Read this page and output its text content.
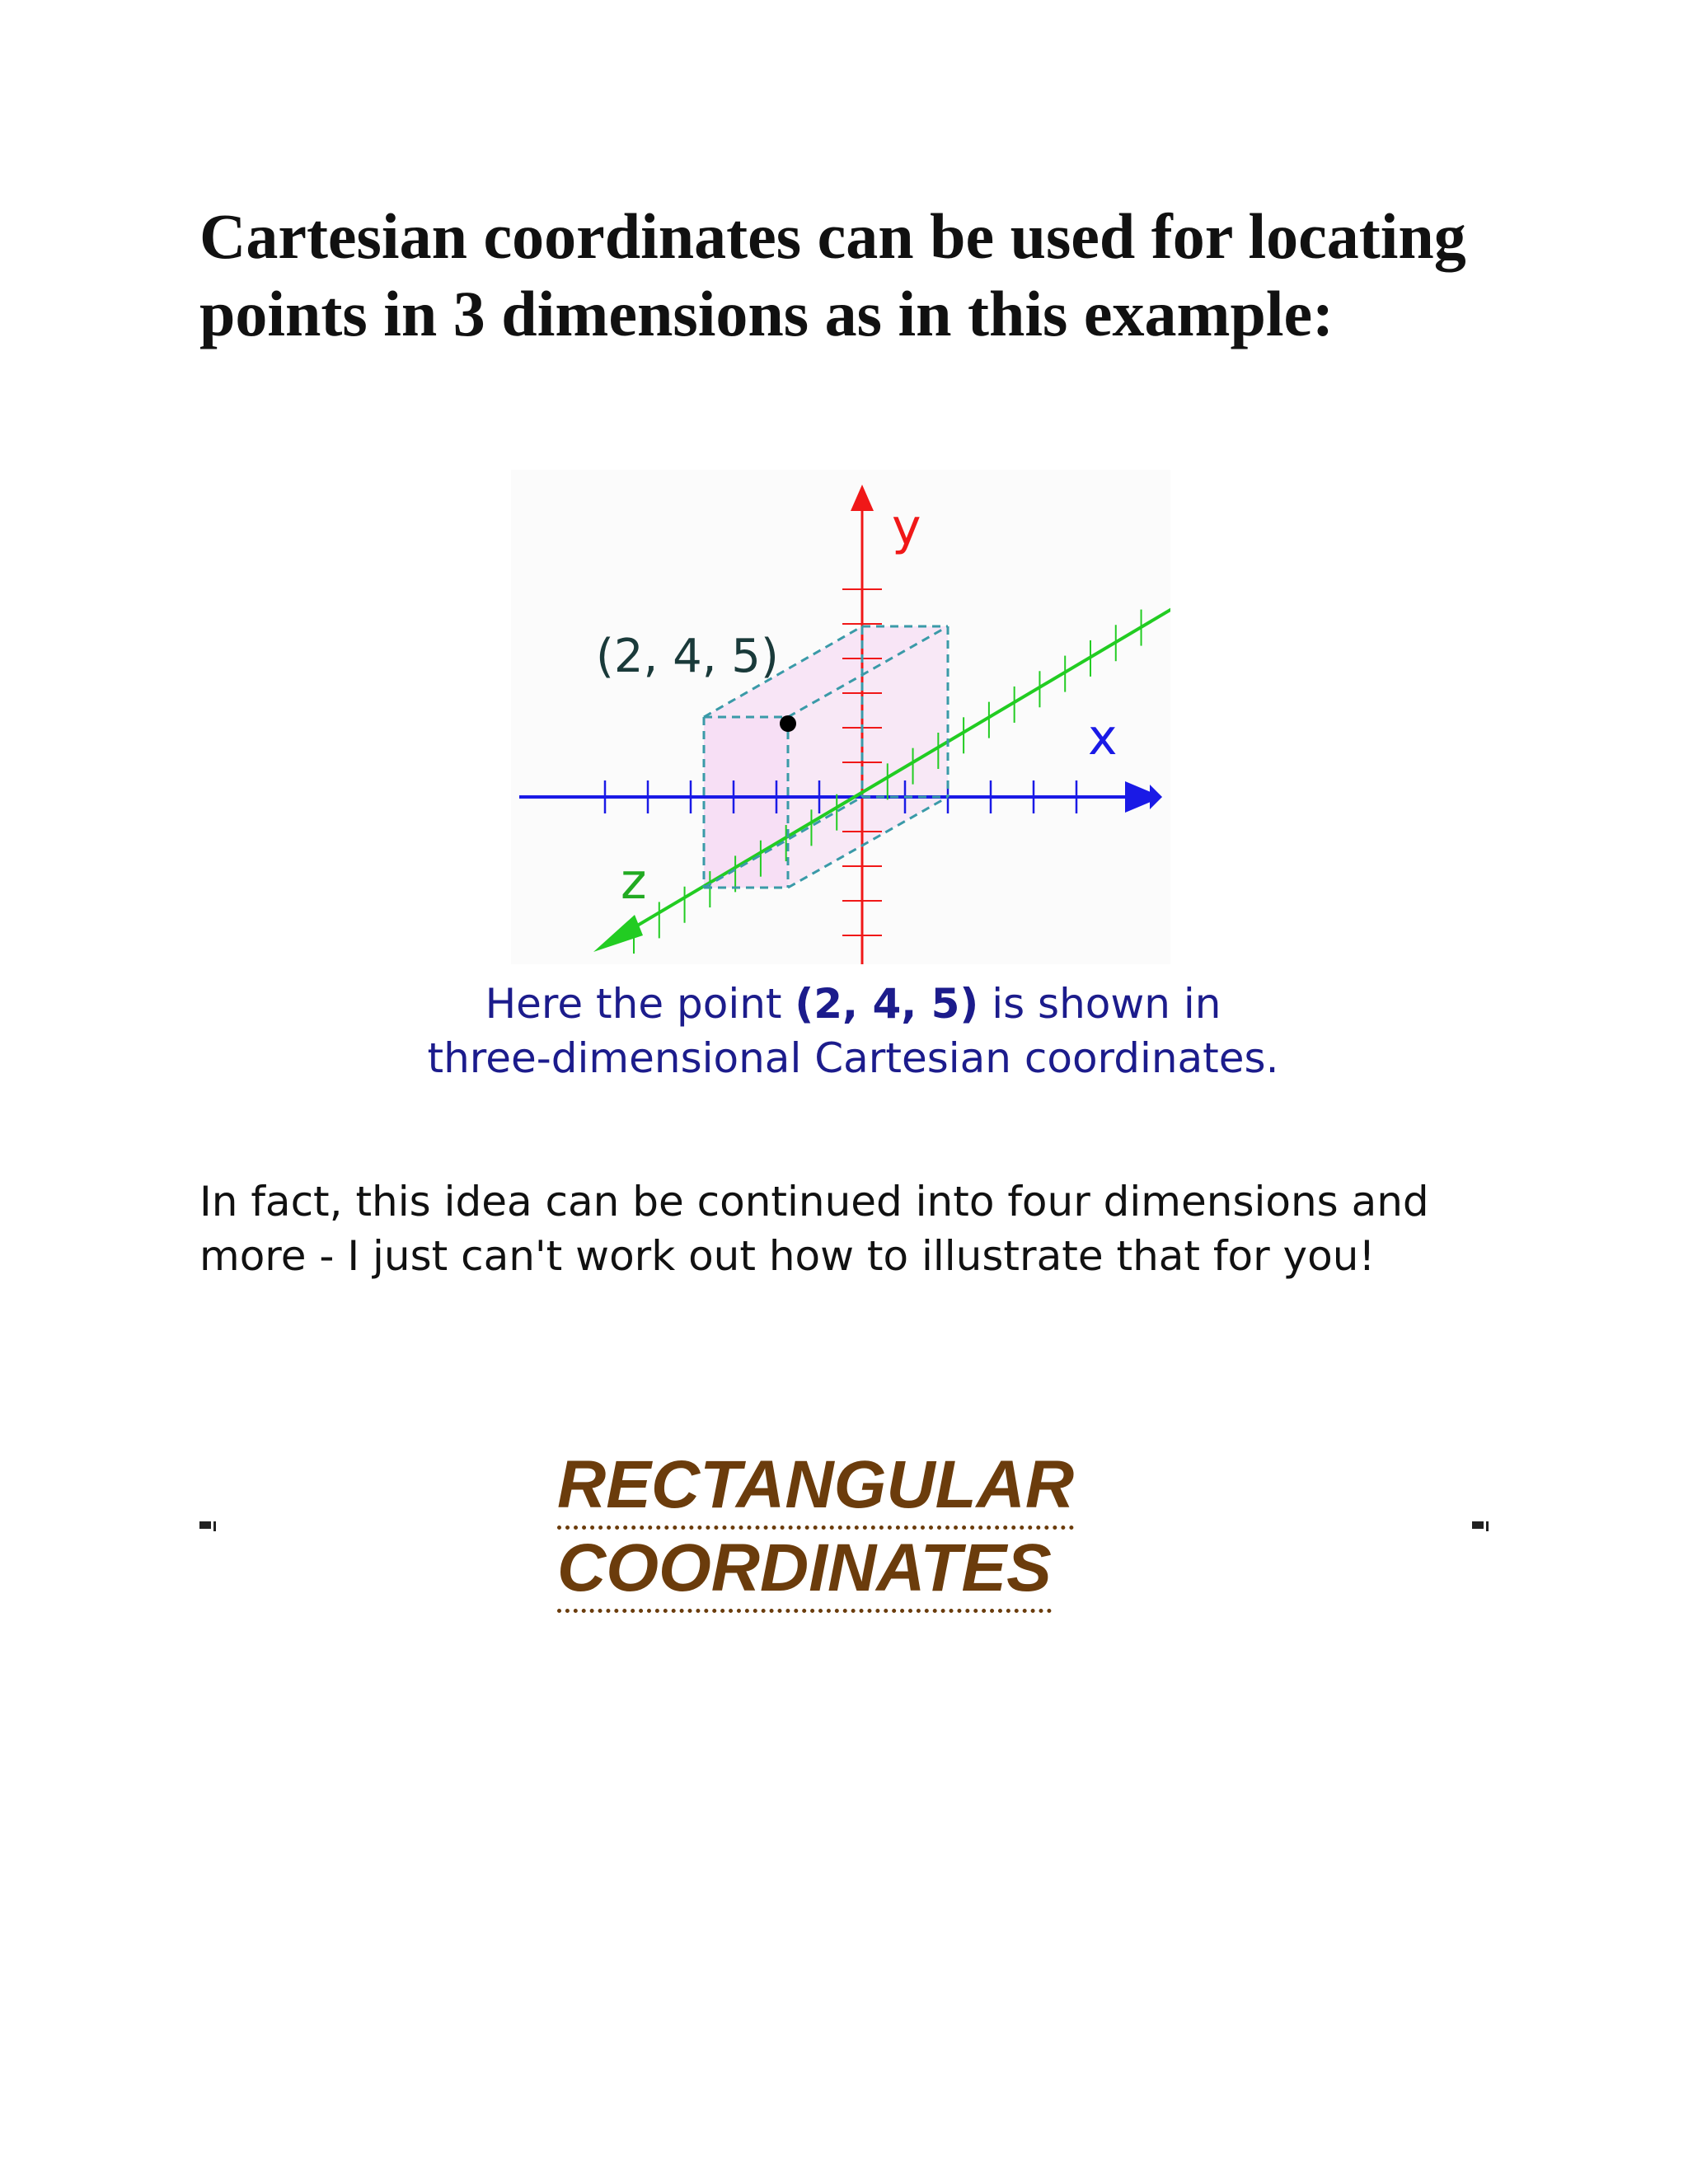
Cartesian coordinates can be used for locating points in 3 dimensions as in this example:
(2, 4, 5)
y
x
z
Here the point (2, 4, 5) is shown in
three-dimensional Cartesian coordinates.

In fact, this idea can be continued into four dimensions and more - I just can't work out how to illustrate that for you!

RECTANGULAR
COORDINATES
